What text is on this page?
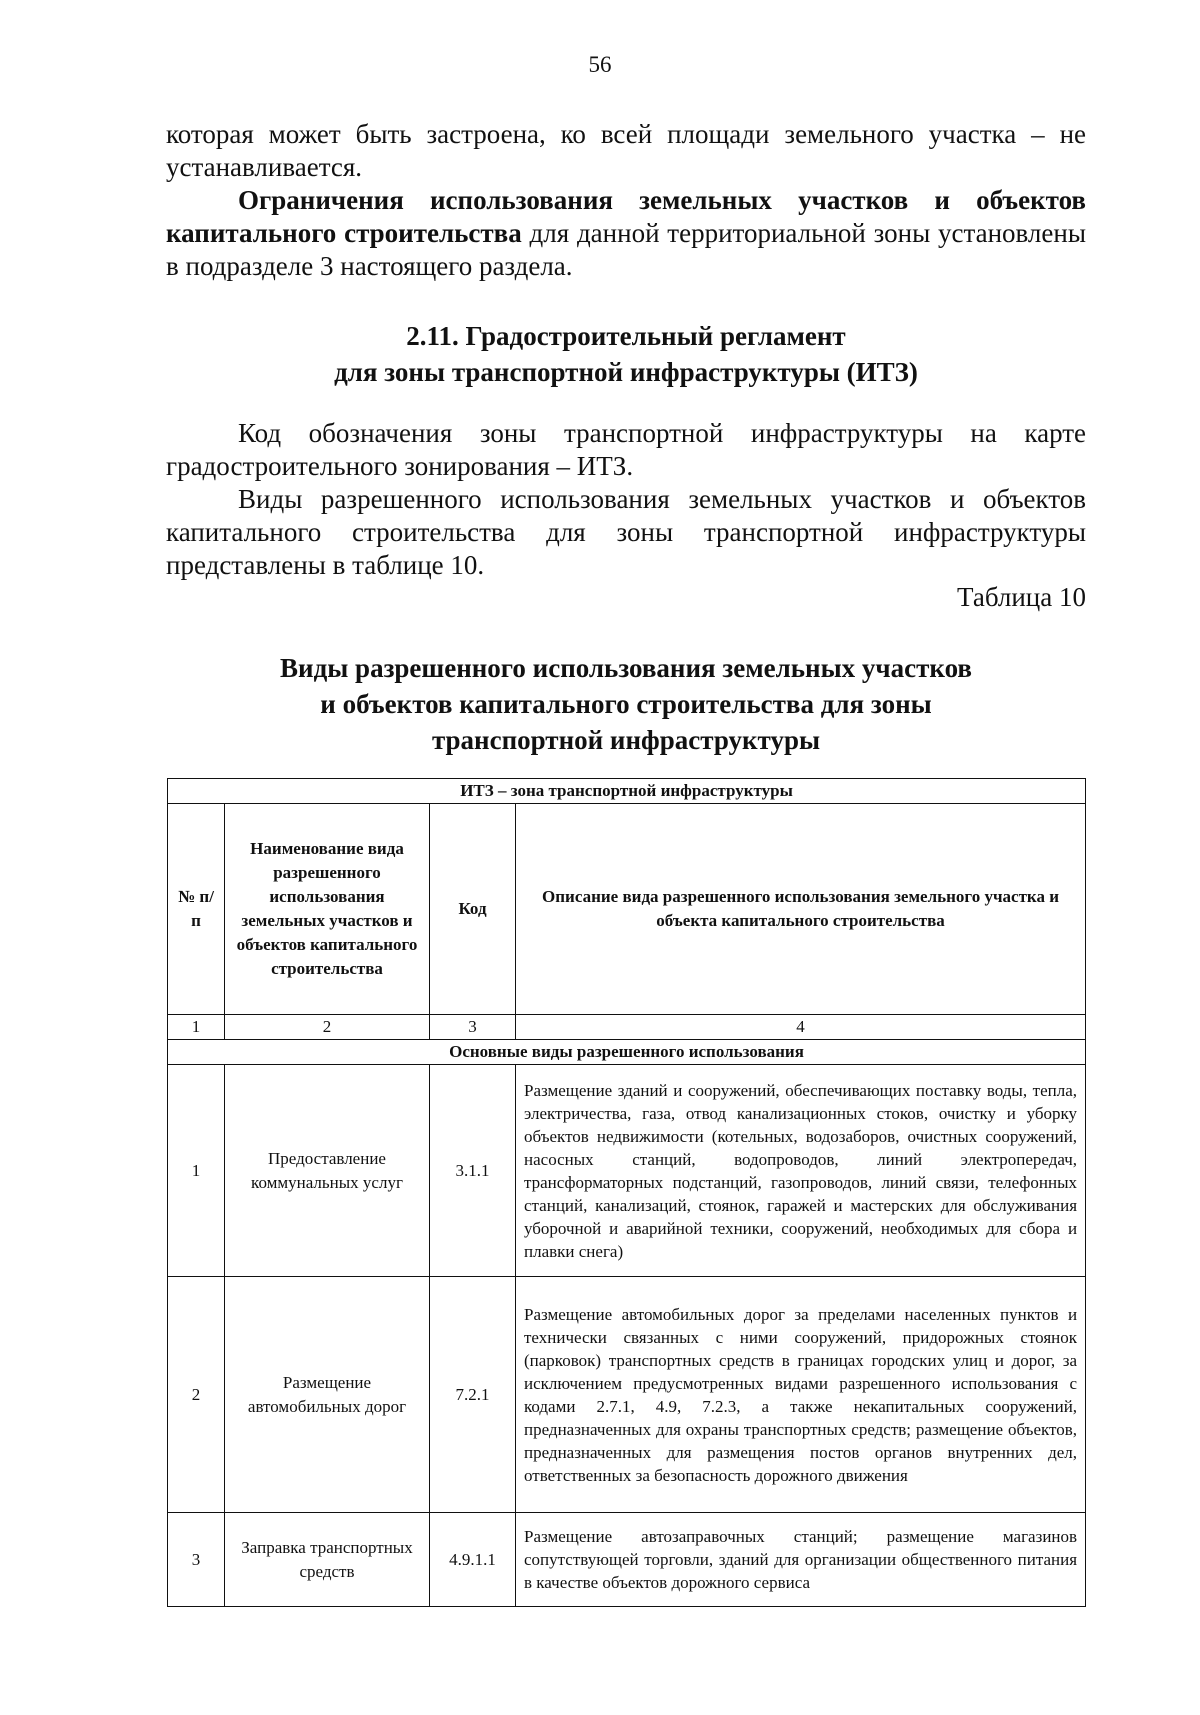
56
которая может быть застроена, ко всей площади земельного участка – не устанавливается.
Ограничения использования земельных участков и объектов капитального строительства для данной территориальной зоны установлены в подразделе 3 настоящего раздела.
2.11. Градостроительный регламент
для зоны транспортной инфраструктуры (ИТЗ)
Код обозначения зоны транспортной инфраструктуры на карте градостроительного зонирования – ИТЗ.
Виды разрешенного использования земельных участков и объектов капитального строительства для зоны транспортной инфраструктуры представлены в таблице 10.
Таблица 10
Виды разрешенного использования земельных участков
и объектов капитального строительства для зоны
транспортной инфраструктуры
ИТЗ – зона транспортной инфраструктуры			
№ п/п	Наименование вида разрешенного использования земельных участков и объектов капитального строительства	Код	Описание вида разрешенного использования земельного участка и объекта капитального строительства
1	2	3	4
Основные виды разрешенного использования			
1	Предоставление коммунальных услуг	3.1.1	Размещение зданий и сооружений, обеспечивающих поставку воды, тепла, электричества, газа, отвод канализационных стоков, очистку и уборку объектов недвижимости (котельных, водозаборов, очистных сооружений, насосных станций, водопроводов, линий электропередач, трансформаторных подстанций, газопроводов, линий связи, телефонных станций, канализаций, стоянок, гаражей и мастерских для обслуживания уборочной и аварийной техники, сооружений, необходимых для сбора и плавки снега)
2	Размещение автомобильных дорог	7.2.1	Размещение автомобильных дорог за пределами населенных пунктов и технически связанных с ними сооружений, придорожных стоянок (парковок) транспортных средств в границах городских улиц и дорог, за исключением предусмотренных видами разрешенного использования с кодами 2.7.1, 4.9, 7.2.3, а также некапитальных сооружений, предназначенных для охраны транспортных средств; размещение объектов, предназначенных для размещения постов органов внутренних дел, ответственных за безопасность дорожного движения
3	Заправка транспортных средств	4.9.1.1	Размещение автозаправочных станций; размещение магазинов сопутствующей торговли, зданий для организации общественного питания в качестве объектов дорожного сервиса
